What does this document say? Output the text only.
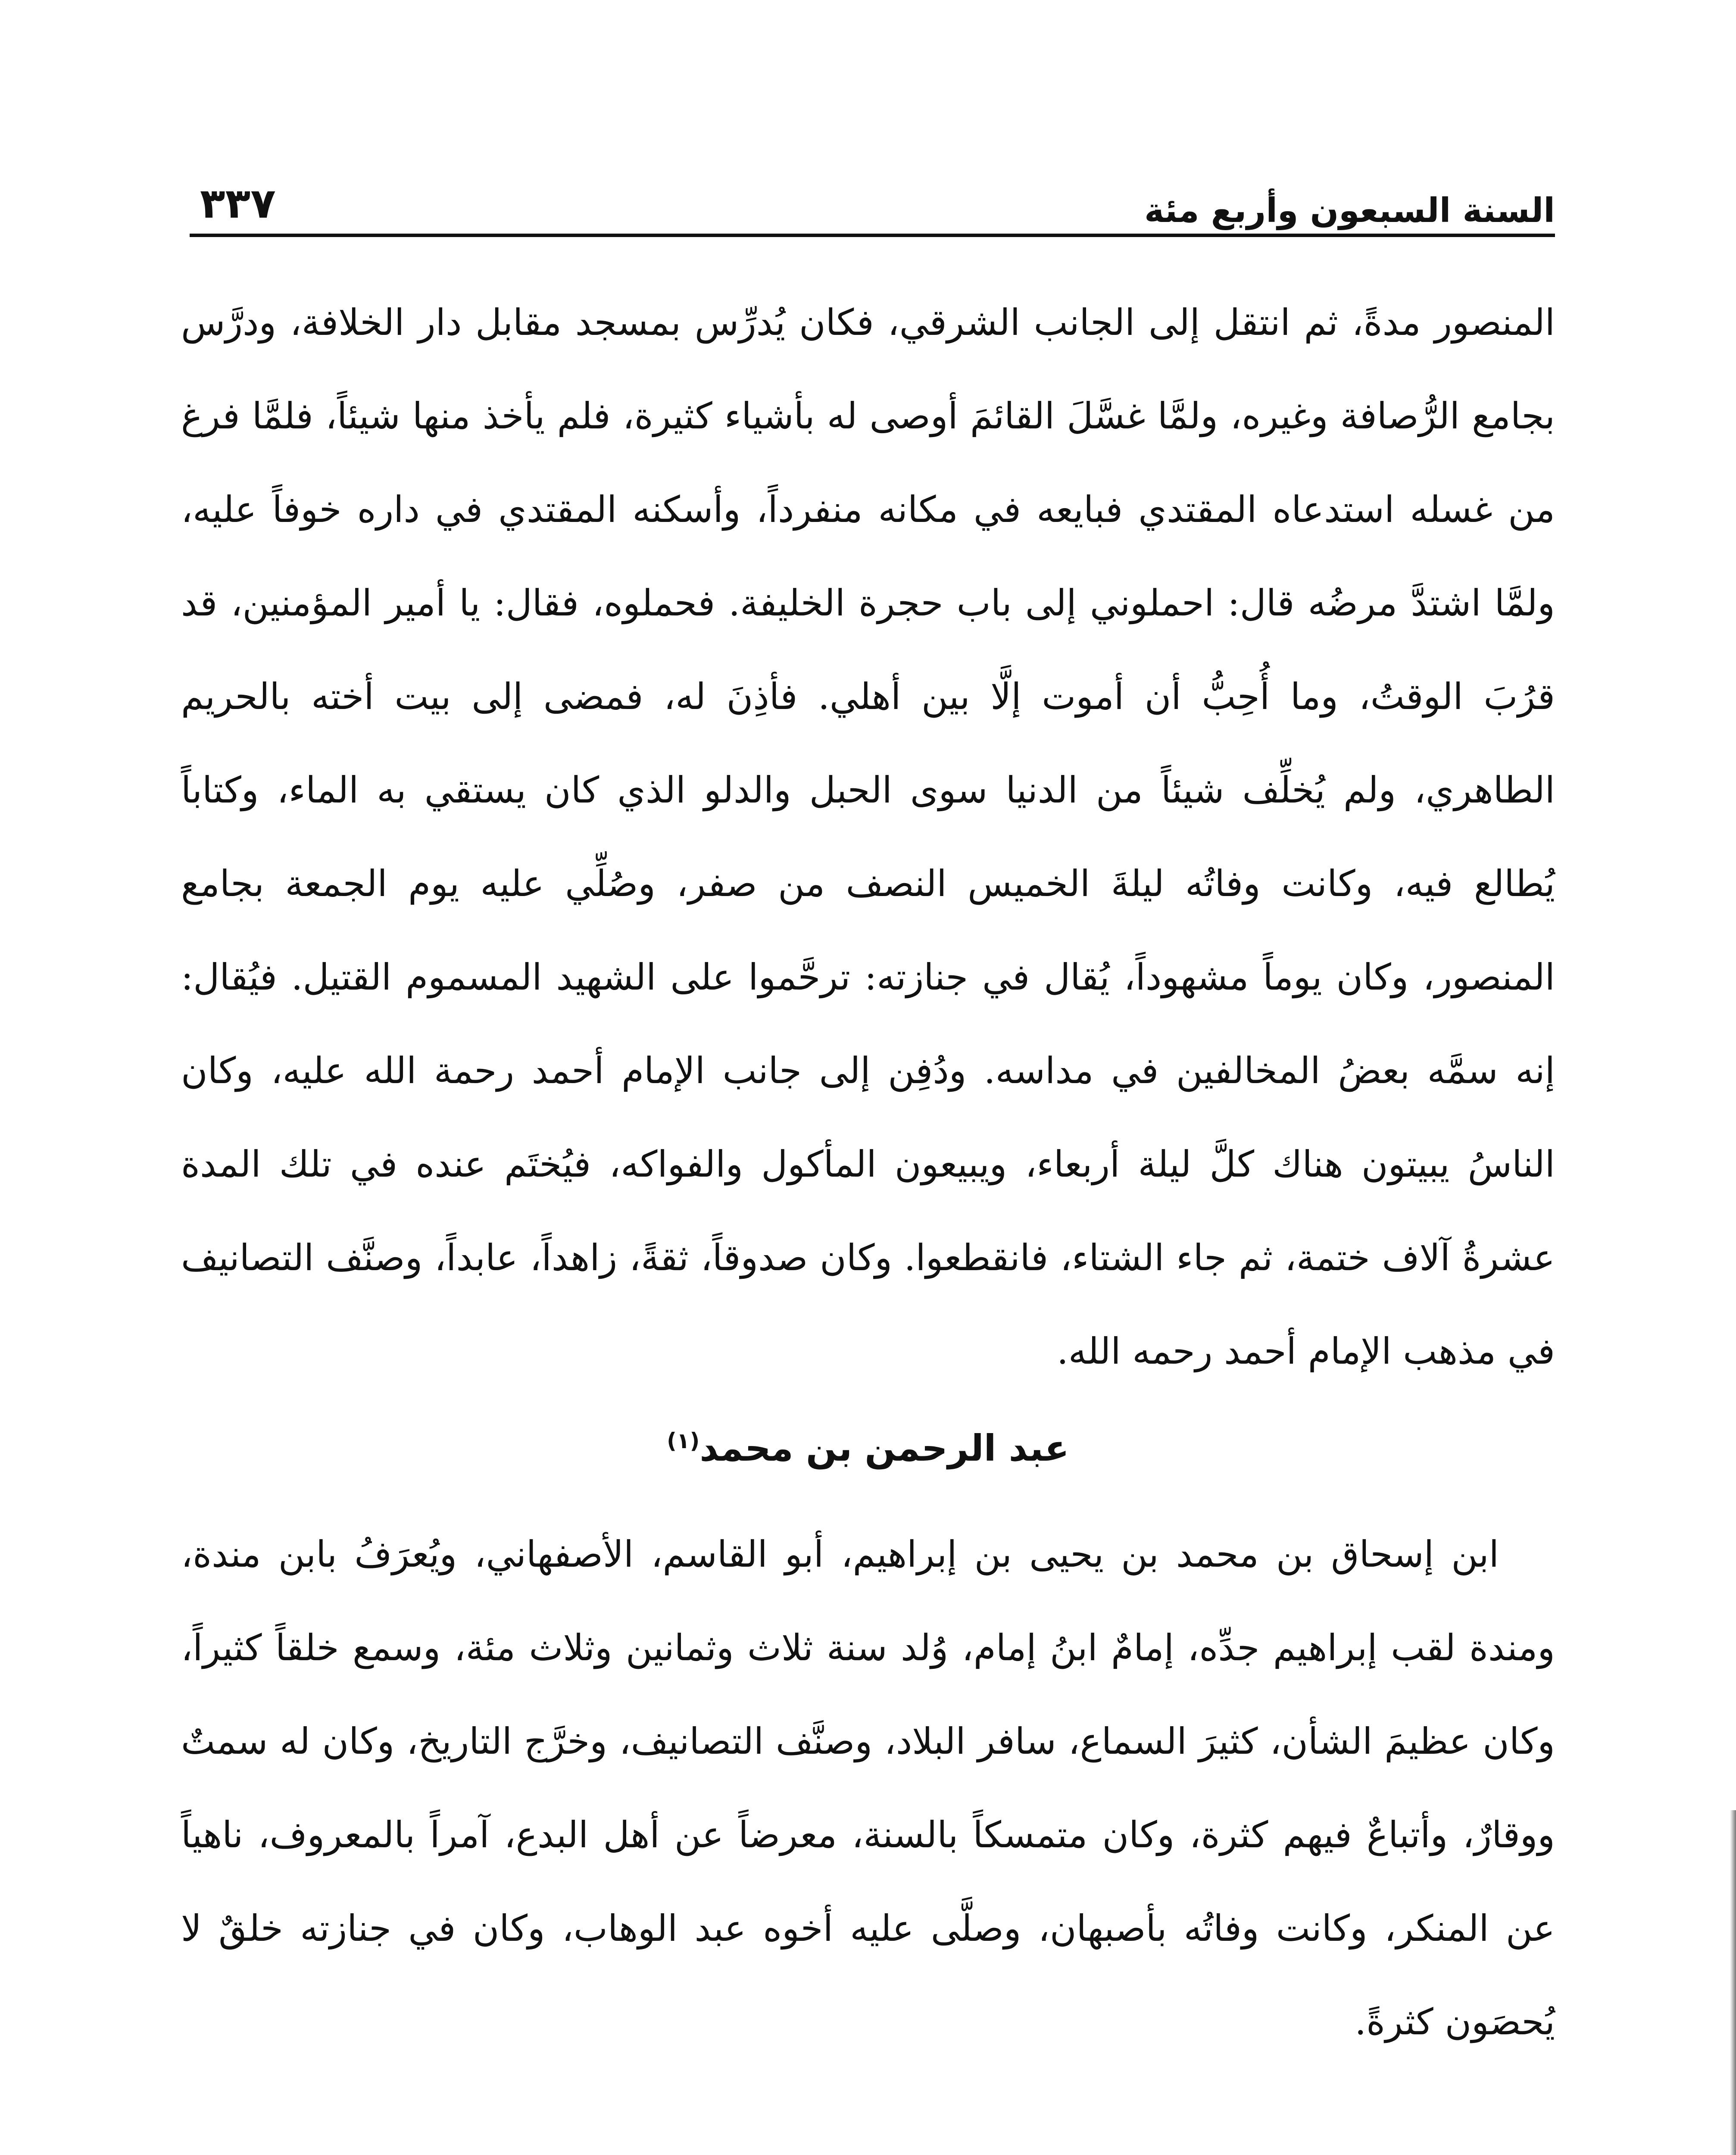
السنة السبعون وأربع مئة
٣٣٧

المنصور مدةً، ثم انتقل إلى الجانب الشرقي، فكان يُدرِّس بمسجد مقابل دار الخلافة، ودرَّس بجامع الرُّصافة وغيره، ولمَّا غسَّلَ القائمَ أوصى له بأشياء كثيرة، فلم يأخذ منها شيئاً، فلمَّا فرغ من غسله استدعاه المقتدي فبايعه في مكانه منفرداً، وأسكنه المقتدي في داره خوفاً عليه، ولمَّا اشتدَّ مرضُه قال: احملوني إلى باب حجرة الخليفة. فحملوه، فقال: يا أمير المؤمنين، قد قرُبَ الوقتُ، وما أُحِبُّ أن أموت إلَّا بين أهلي. فأذِنَ له، فمضى إلى بيت أخته بالحريم الطاهري، ولم يُخلِّف شيئاً من الدنيا سوى الحبل والدلو الذي كان يستقي به الماء، وكتاباً يُطالع فيه، وكانت وفاتُه ليلةَ الخميس النصف من صفر، وصُلِّي عليه يوم الجمعة بجامع المنصور، وكان يوماً مشهوداً، يُقال في جنازته: ترحَّموا على الشهيد المسموم القتيل. فيُقال: إنه سمَّه بعضُ المخالفين في مداسه. ودُفِن إلى جانب الإمام أحمد رحمة الله عليه، وكان الناسُ يبيتون هناك كلَّ ليلة أربعاء، ويبيعون المأكول والفواكه، فيُختَم عنده في تلك المدة عشرةُ آلاف ختمة، ثم جاء الشتاء، فانقطعوا. وكان صدوقاً، ثقةً، زاهداً، عابداً، وصنَّف التصانيف في مذهب الإمام أحمد رحمه الله.

عبد الرحمن بن محمد$^{(١)}$

ابن إسحاق بن محمد بن يحيى بن إبراهيم، أبو القاسم، الأصفهاني، ويُعرَفُ بابن مندة، ومندة لقب إبراهيم جدِّه، إمامٌ ابنُ إمام، وُلد سنة ثلاث وثمانين وثلاث مئة، وسمع خلقاً كثيراً، وكان عظيمَ الشأن، كثيرَ السماع، سافر البلاد، وصنَّف التصانيف، وخرَّج التاريخ، وكان له سمتٌ ووقارٌ، وأتباعٌ فيهم كثرة، وكان متمسكاً بالسنة، معرضاً عن أهل البدع، آمراً بالمعروف، ناهياً عن المنكر، وكانت وفاتُه بأصبهان، وصلَّى عليه أخوه عبد الوهاب، وكان في جنازته خلقٌ لا يُحصَون كثرةً.
